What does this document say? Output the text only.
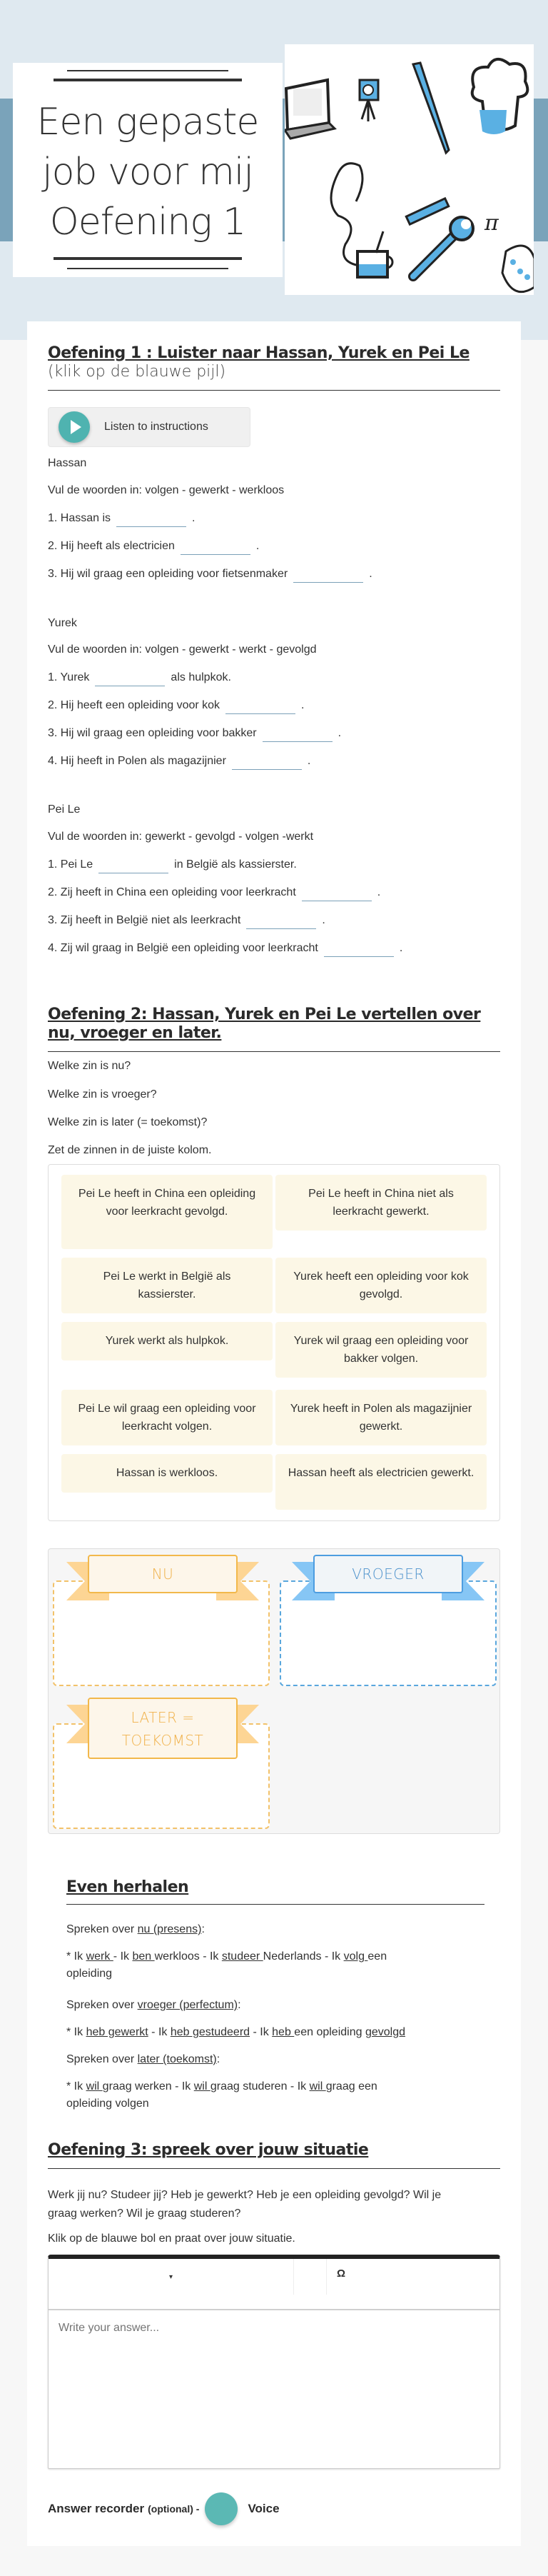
Een gepaste
job voor mij
Oefening 1	π
Oefening 1 : Luister naar Hassan, Yurek en Pei Le (klik op de blauwe pijl)
Listen to instructions
Hassan
Vul de woorden in: volgen - gewerkt - werkloos
1. Hassan is	.
2. Hij heeft als electricien	.
3. Hij wil graag een opleiding voor fietsenmaker	.
Yurek
Vul de woorden in: volgen - gewerkt - werkt - gevolgd
1. Yurek	als hulpkok.
2. Hij heeft een opleiding voor kok	.
3. Hij wil graag een opleiding voor bakker	.
4. Hij heeft in Polen als magazijnier	.
Pei Le
Vul de woorden in: gewerkt - gevolgd - volgen -werkt
1. Pei Le	in België als kassierster.
2. Zij heeft in China een opleiding voor leerkracht	.
3. Zij heeft in België niet als leerkracht	.
4. Zij wil graag in België een opleiding voor leerkracht	.
Oefening 2: Hassan, Yurek en Pei Le vertellen over nu, vroeger en later.
Welke zin is nu?
Welke zin is vroeger?
Welke zin is later (= toekomst)?
Zet de zinnen in de juiste kolom.
Pei Le heeft in China een opleiding voor leerkracht gevolgd.
Pei Le heeft in China niet als leerkracht gewerkt.
Pei Le werkt in België als kassierster.
Yurek heeft een opleiding voor kok gevolgd.
Yurek werkt als hulpkok.	Yurek wil graag een opleiding voor bakker volgen.
Pei Le wil graag een opleiding voor leerkracht volgen.
Yurek heeft in Polen als magazijnier gewerkt.
Hassan is werkloos.	Hassan heeft als electricien gewerkt.
NU	VROEGER
LATER = TOEKOMST
Even herhalen
Spreken over nu (presens):
* Ik werk - Ik ben werkloos - Ik studeer Nederlands - Ik volg een
opleiding
Spreken over vroeger (perfectum):
* Ik heb gewerkt - Ik heb gestudeerd - Ik heb een opleiding gevolgd
Spreken over later (toekomst):
* Ik wil graag werken - Ik wil graag studeren - Ik wil graag een
opleiding volgen
Oefening 3: spreek over jouw situatie
Werk jij nu? Studeer jij? Heb je gewerkt? Heb je een opleiding gevolgd? Wil je
graag werken? Wil je graag studeren?
Klik op de blauwe bol en praat over jouw situatie.
▾	Ω
Write your answer...
Answer recorder (optional) -	Voice
